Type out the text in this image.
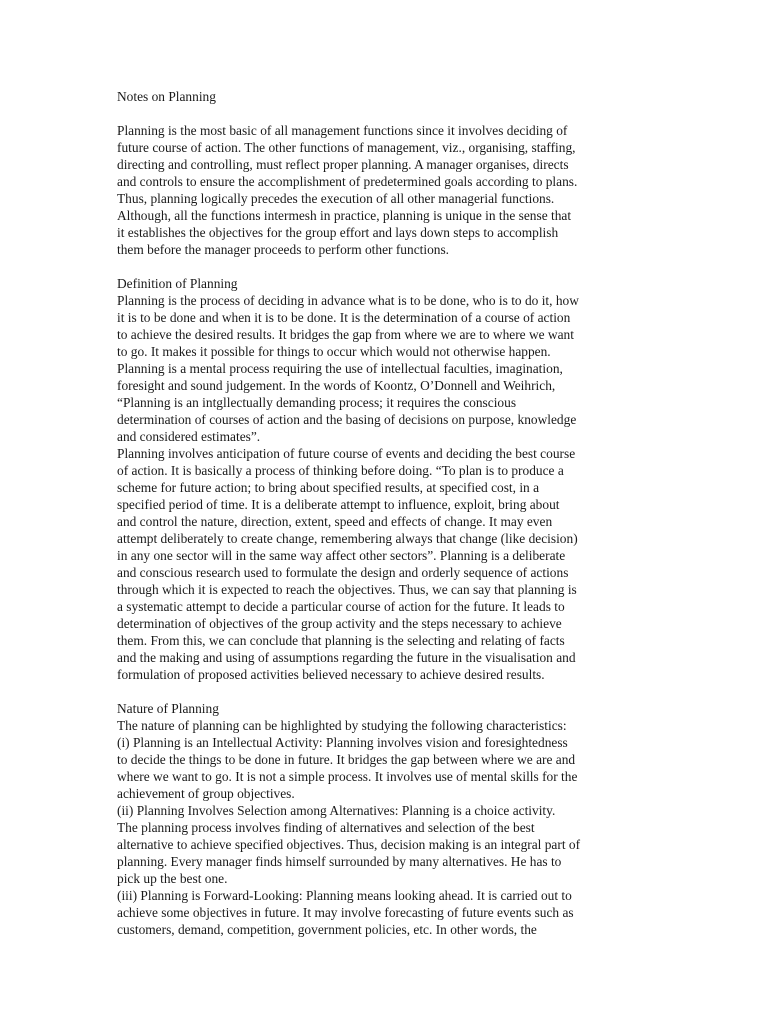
Notes on Planning
Planning is the most basic of all management functions since it involves deciding of
future course of action. The other functions of management, viz., organising, staffing,
directing and controlling, must reflect proper planning. A manager organises, directs
and controls to ensure the accomplishment of predetermined goals according to plans.
Thus, planning logically precedes the execution of all other managerial functions.
Although, all the functions intermesh in practice, planning is unique in the sense that
it establishes the objectives for the group effort and lays down steps to accomplish
them before the manager proceeds to perform other functions.
Definition of Planning
Planning is the process of deciding in advance what is to be done, who is to do it, how
it is to be done and when it is to be done. It is the determination of a course of action
to achieve the desired results. It bridges the gap from where we are to where we want
to go. It makes it possible for things to occur which would not otherwise happen.
Planning is a mental process requiring the use of intellectual faculties, imagination,
foresight and sound judgement. In the words of Koontz, O’Donnell and Weihrich,
“Planning is an intgllectually demanding process; it requires the conscious
determination of courses of action and the basing of decisions on purpose, knowledge
and considered estimates”.
Planning involves anticipation of future course of events and deciding the best course
of action. It is basically a process of thinking before doing. “To plan is to produce a
scheme for future action; to bring about specified results, at specified cost, in a
specified period of time. It is a deliberate attempt to influence, exploit, bring about
and control the nature, direction, extent, speed and effects of change. It may even
attempt deliberately to create change, remembering always that change (like decision)
in any one sector will in the same way affect other sectors”. Planning is a deliberate
and conscious research used to formulate the design and orderly sequence of actions
through which it is expected to reach the objectives. Thus, we can say that planning is
a systematic attempt to decide a particular course of action for the future. It leads to
determination of objectives of the group activity and the steps necessary to achieve
them. From this, we can conclude that planning is the selecting and relating of facts
and the making and using of assumptions regarding the future in the visualisation and
formulation of proposed activities believed necessary to achieve desired results.
Nature of Planning
The nature of planning can be highlighted by studying the following characteristics:
(i) Planning is an Intellectual Activity: Planning involves vision and foresightedness
to decide the things to be done in future. It bridges the gap between where we are and
where we want to go. It is not a simple process. It involves use of mental skills for the
achievement of group objectives.
(ii) Planning Involves Selection among Alternatives: Planning is a choice activity.
The planning process involves finding of alternatives and selection of the best
alternative to achieve specified objectives. Thus, decision making is an integral part of
planning. Every manager finds himself surrounded by many alternatives. He has to
pick up the best one.
(iii) Planning is Forward-Looking: Planning means looking ahead. It is carried out to
achieve some objectives in future. It may involve forecasting of future events such as
customers, demand, competition, government policies, etc. In other words, the
